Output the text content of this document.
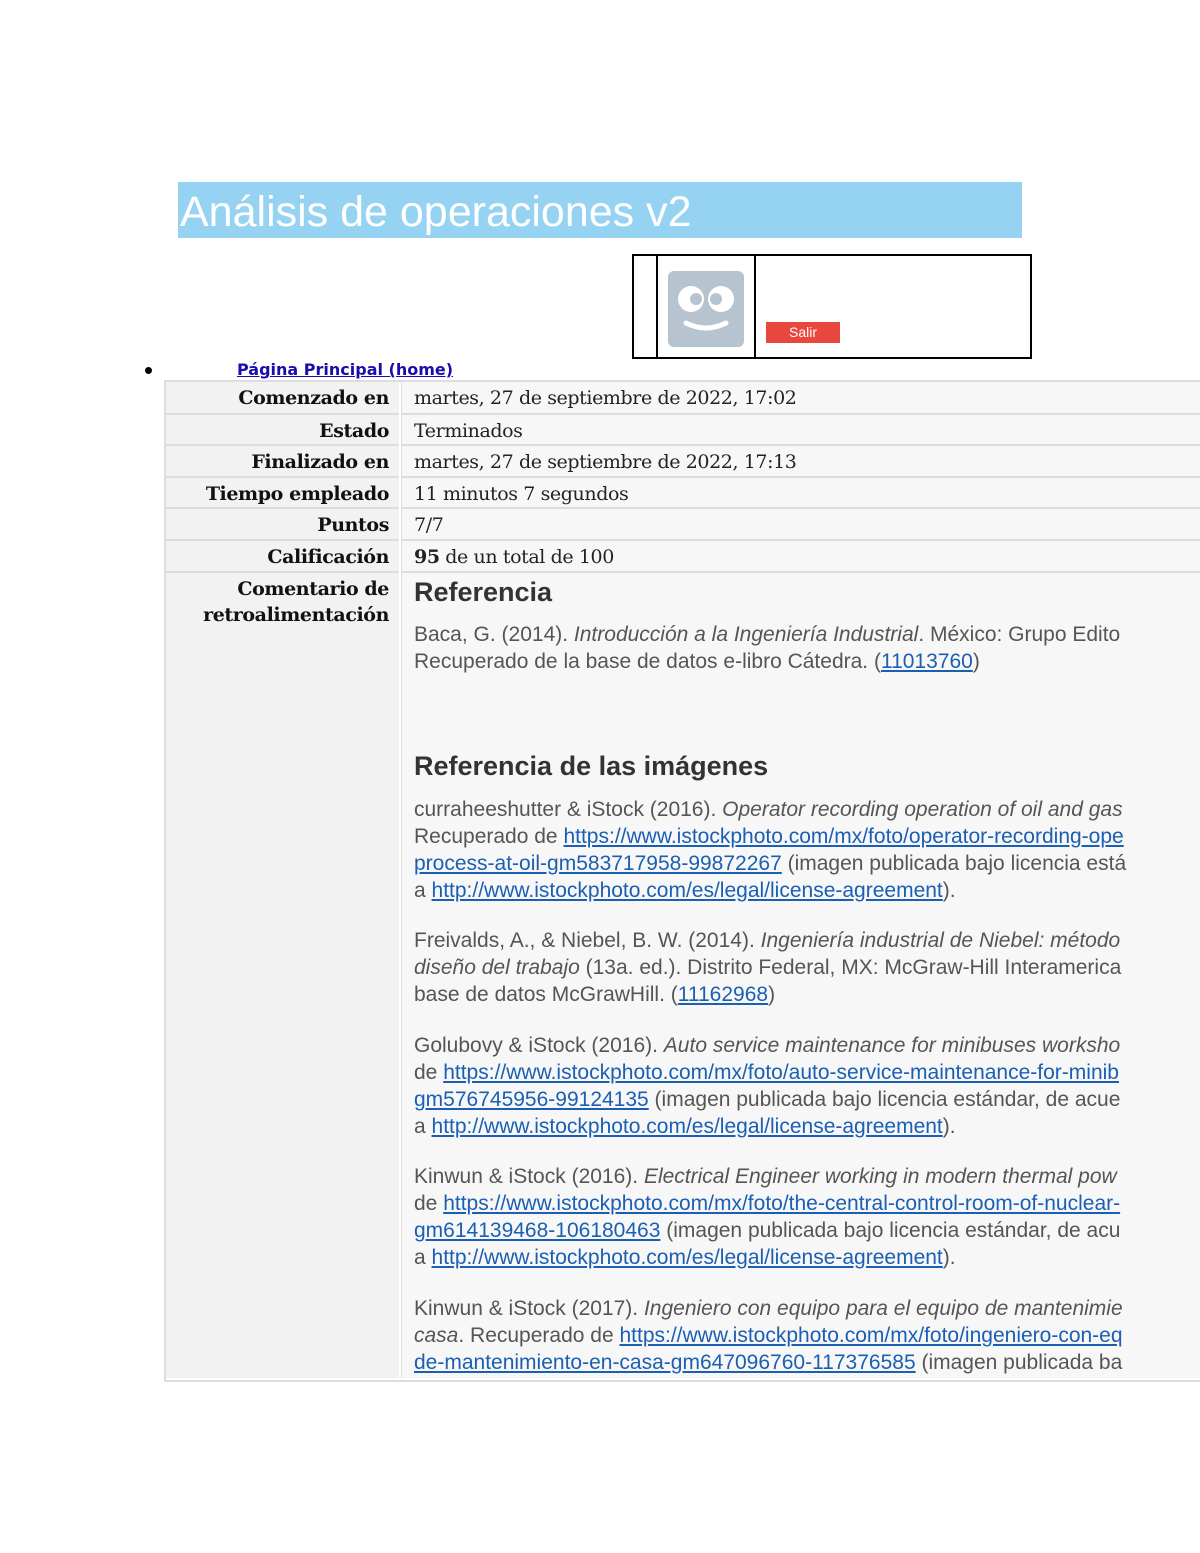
Análisis de operaciones v2
Salir
Página Principal (home)
Comenzado en martes, 27 de septiembre de 2022, 17:02
Estado Terminados
Finalizado en martes, 27 de septiembre de 2022, 17:13
Tiempo empleado 11 minutos 7 segundos
Puntos 7/7
Calificación 95 de un total de 100
Comentario de
retroalimentación
Referencia

Baca, G. (2014). Introducción a la Ingeniería Industrial. México: Grupo Edito

Recuperado de la base de datos e-libro Cátedra. (11013760)

Referencia de las imágenes

curraheeshutter & iStock (2016). Operator recording operation of oil and gas

Recuperado de https://www.istockphoto.com/mx/foto/operator-recording-ope

process-at-oil-gm583717958-99872267 (imagen publicada bajo licencia está

a http://www.istockphoto.com/es/legal/license-agreement).

Freivalds, A., & Niebel, B. W. (2014). Ingeniería industrial de Niebel: método

diseño del trabajo (13a. ed.). Distrito Federal, MX: McGraw-Hill Interamerica

base de datos McGrawHill. (11162968)

Golubovy & iStock (2016). Auto service maintenance for minibuses worksho

de https://www.istockphoto.com/mx/foto/auto-service-maintenance-for-minib

gm576745956-99124135 (imagen publicada bajo licencia estándar, de acue

a http://www.istockphoto.com/es/legal/license-agreement).

Kinwun & iStock (2016). Electrical Engineer working in modern thermal pow

de https://www.istockphoto.com/mx/foto/the-central-control-room-of-nuclear-

gm614139468-106180463 (imagen publicada bajo licencia estándar, de acu

a http://www.istockphoto.com/es/legal/license-agreement).

Kinwun & iStock (2017). Ingeniero con equipo para el equipo de mantenimie

casa. Recuperado de https://www.istockphoto.com/mx/foto/ingeniero-con-eq

de-mantenimiento-en-casa-gm647096760-117376585 (imagen publicada ba
